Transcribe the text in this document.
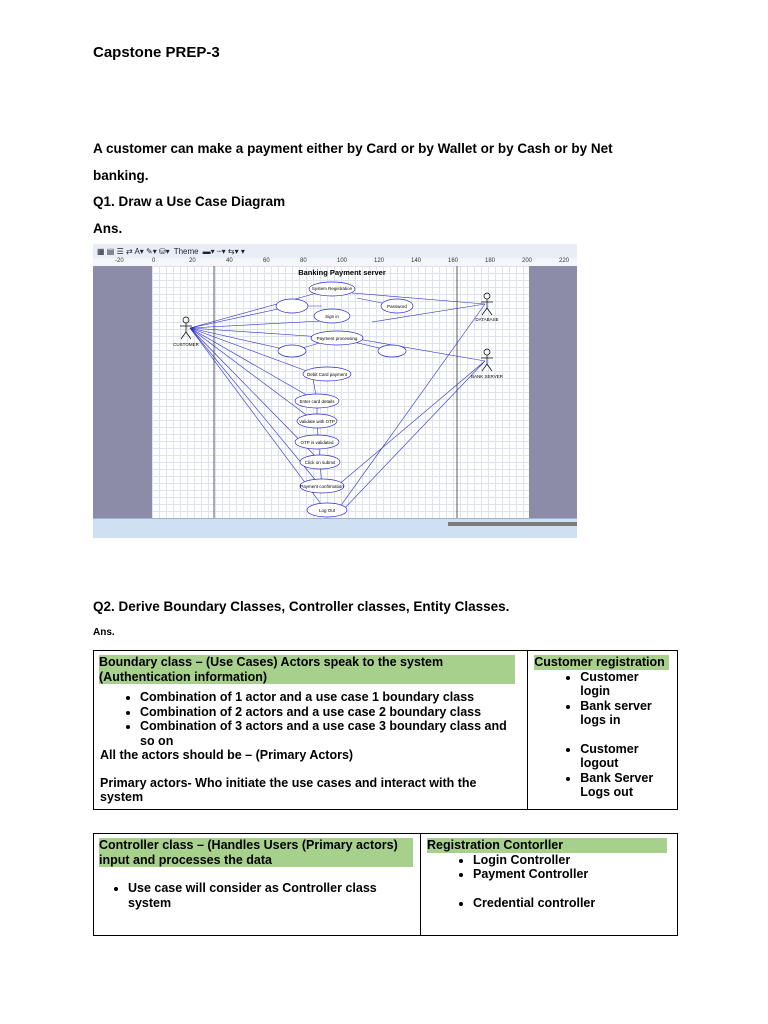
Capstone PREP-3
A customer can make a payment either by Card or by Wallet or by Cash or by Net
banking.
Q1. Draw a Use Case Diagram
Ans.
▦ ▤ ☰ ⇄ A▾ ✎▾ ⛁▾ Theme ▬▾ ┄▾ ⇆▾ ▾
-20	0	20	40	60	80	100	120	140	160	180	200	220
Banking Payment server
System Registration
Sign in
Password
Payment processing
Debit Card payment
Enter card details
Validate with OTP
OTP is validated
Click on submit
Payment confirmation
Log Out
CUSTOMER
DATABASE
BANK SERVER
Q2. Derive Boundary Classes, Controller classes, Entity Classes.
Ans.
Boundary class – (Use Cases) Actors speak to the system
(Authentication information)
• Combination of 1 actor and a use case 1 boundary class
• Combination of 2 actors and a use case 2 boundary class
• Combination of 3 actors and a use case 3 boundary class and so on
All the actors should be – (Primary Actors)
Primary actors- Who initiate the use cases and interact with the system
	Customer registration
• Customer login
• Bank server logs in
• Customer logout
• Bank Server Logs out
Controller class – (Handles Users (Primary actors)
input and processes the data
• Use case will consider as Controller class system
	Registration Contorller
• Login Controller
• Payment Controller
• Credential controller
